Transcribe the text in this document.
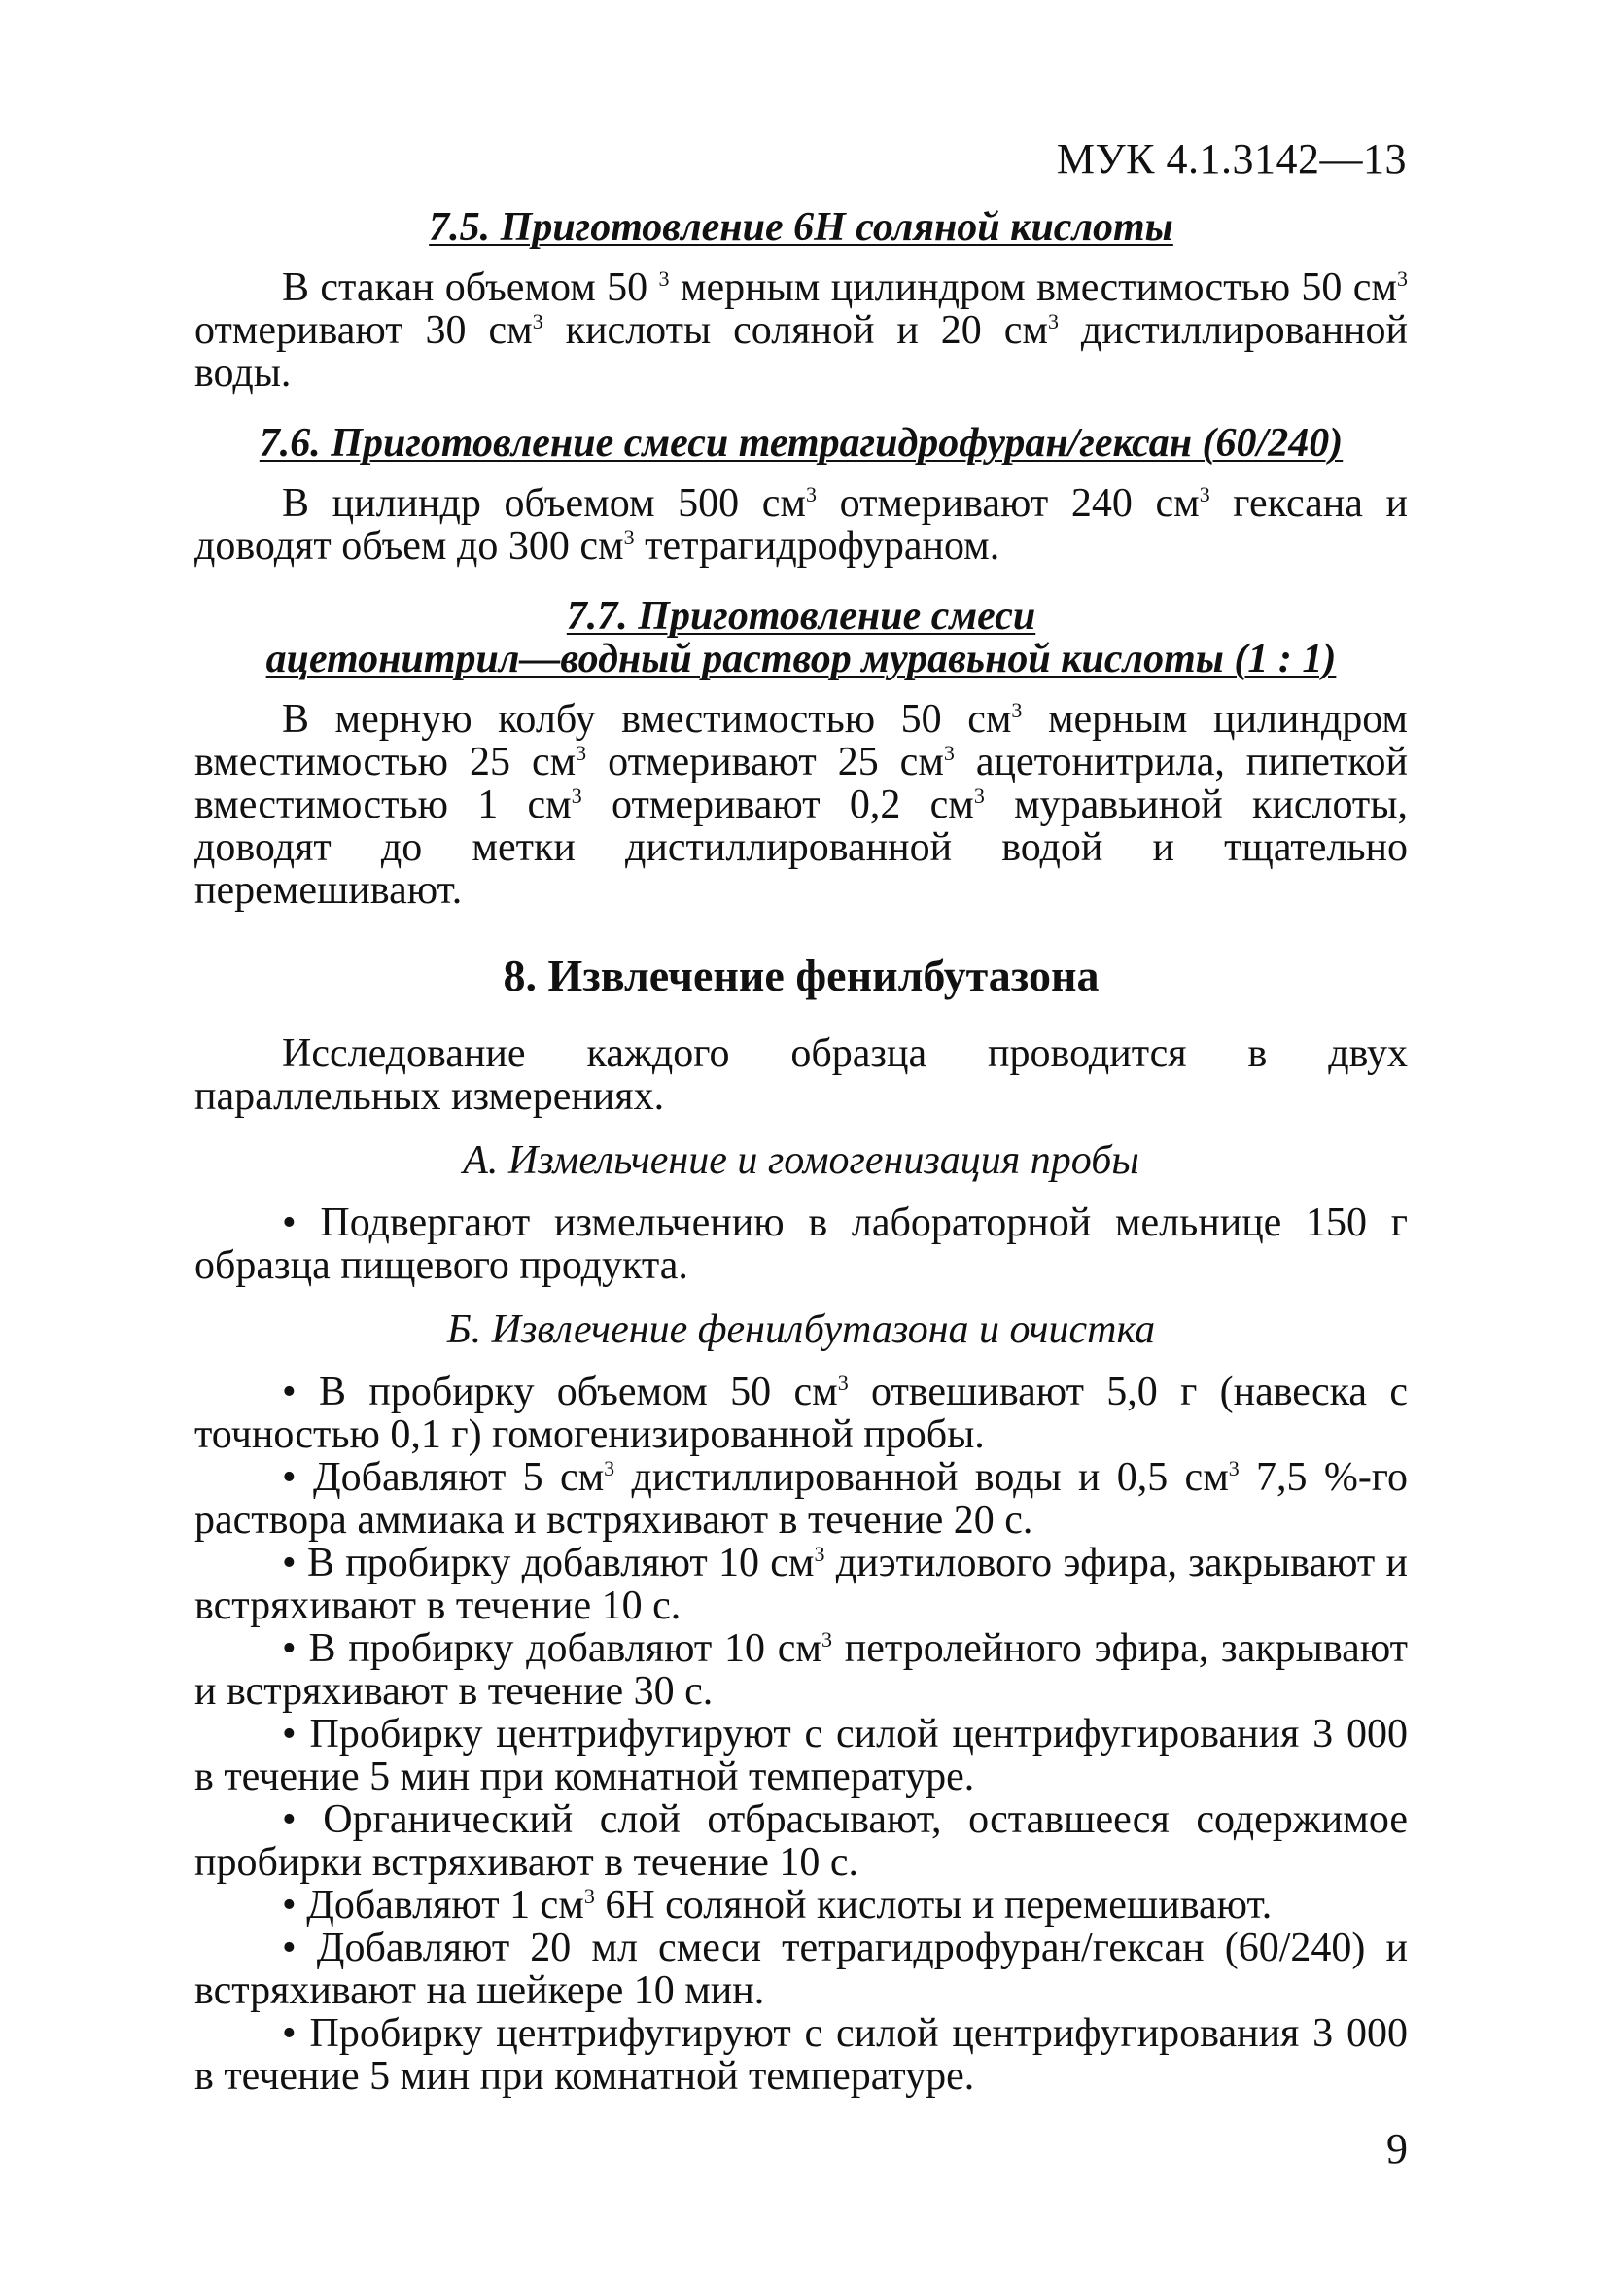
МУК 4.1.3142—13

7.5. Приготовление 6Н соляной кислоты

В стакан объемом 50 $^3$ мерным цилиндром вместимостью 50 $см^3$ отмеривают 30 $см^3$ кислоты соляной и 20 $см^3$ дистиллированной воды.

7.6. Приготовление смеси тетрагидрофуран/гексан (60/240)

В цилиндр объемом 500 $см^3$ отмеривают 240 $см^3$ гексана и доводят объем до 300 $см^3$ тетрагидрофураном.

7.7. Приготовление смеси

ацетонитрил—водный раствор муравьной кислоты (1 : 1)

В мерную колбу вместимостью 50 $см^3$ мерным цилиндром вместимостью 25 $см^3$ отмеривают 25 $см^3$ ацетонитрила, пипеткой вместимостью 1 $см^3$ отмеривают 0,2 $см^3$ муравьиной кислоты, доводят до метки дистиллированной водой и тщательно перемешивают.

8. Извлечение фенилбутазона

Исследование каждого образца проводится в двух параллельных измерениях.

А. Измельчение и гомогенизация пробы

• Подвергают измельчению в лабораторной мельнице 150 г образца пищевого продукта.

Б. Извлечение фенилбутазона и очистка

• В пробирку объемом 50 $см^3$ отвешивают 5,0 г (навеска с точностью 0,1 г) гомогенизированной пробы.

• Добавляют 5 $см^3$ дистиллированной воды и 0,5 $см^3$ 7,5 %-го раствора аммиака и встряхивают в течение 20 с.

• В пробирку добавляют 10 $см^3$ диэтилового эфира, закрывают и встряхивают в течение 10 с.

• В пробирку добавляют 10 $см^3$ петролейного эфира, закрывают и встряхивают в течение 30 с.

• Пробирку центрифугируют с силой центрифугирования 3 000 в течение 5 мин при комнатной температуре.

• Органический слой отбрасывают, оставшееся содержимое пробирки встряхивают в течение 10 с.

• Добавляют 1 $см^3$ 6Н соляной кислоты и перемешивают.

• Добавляют 20 мл смеси тетрагидрофуран/гексан (60/240) и встряхивают на шейкере 10 мин.

• Пробирку центрифугируют с силой центрифугирования 3 000 в течение 5 мин при комнатной температуре.

9
